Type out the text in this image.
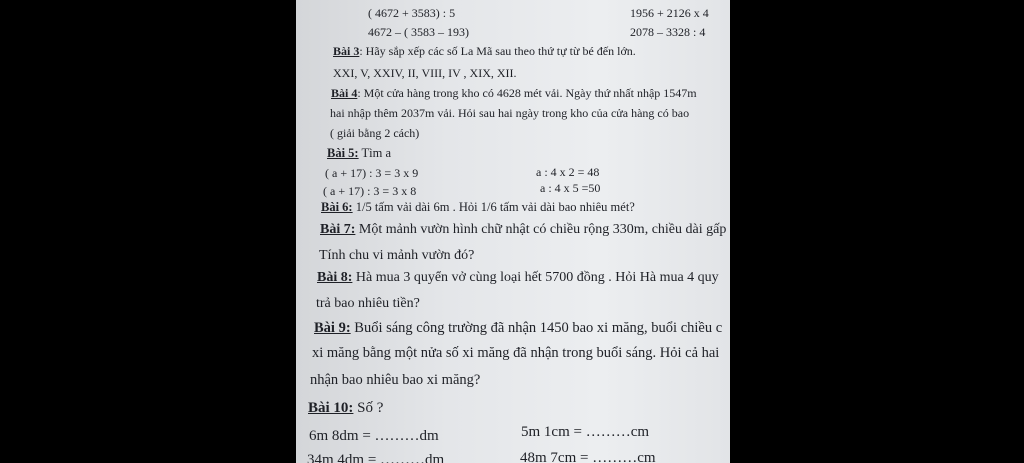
( 4672 + 3583) : 5	1956 + 2126 x 4
4672 – ( 3583 – 193)	2078 – 3328 : 4
Bài 3: Hãy sắp xếp các số La Mã sau theo thứ tự từ bé đến lớn.
XXI, V, XXIV, II, VIII, IV , XIX, XII.
Bài 4: Một cửa hàng trong kho có 4628 mét vải. Ngày thứ nhất nhập 1547m
hai nhập thêm 2037m vải. Hỏi sau hai ngày trong kho của cửa hàng có bao
( giải bằng 2 cách)
Bài 5: Tìm a
( a + 17) : 3 = 3 x 9	a : 4 x 2 = 48
( a + 17) : 3 = 3 x 8	a : 4 x 5 =50
Bài 6: 1/5 tấm vải dài 6m . Hỏi 1/6 tấm vải dài bao nhiêu mét?
Bài 7: Một mảnh vườn hình chữ nhật có chiều rộng 330m, chiều dài gấp
Tính chu vi mảnh vườn đó?
Bài 8: Hà mua 3 quyển vở cùng loại hết 5700 đồng . Hỏi Hà mua 4 quy
trả bao nhiêu tiền?
Bài 9: Buổi sáng công trường đã nhận 1450 bao xi măng, buổi chiều c
xi măng bằng một nửa số xi măng đã nhận trong buổi sáng. Hỏi cả hai
nhận bao nhiêu bao xi măng?
Bài 10: Số ?
6m 8dm = ………dm	5m 1cm = ………cm
34m 4dm = ………dm	48m 7cm = ………cm
